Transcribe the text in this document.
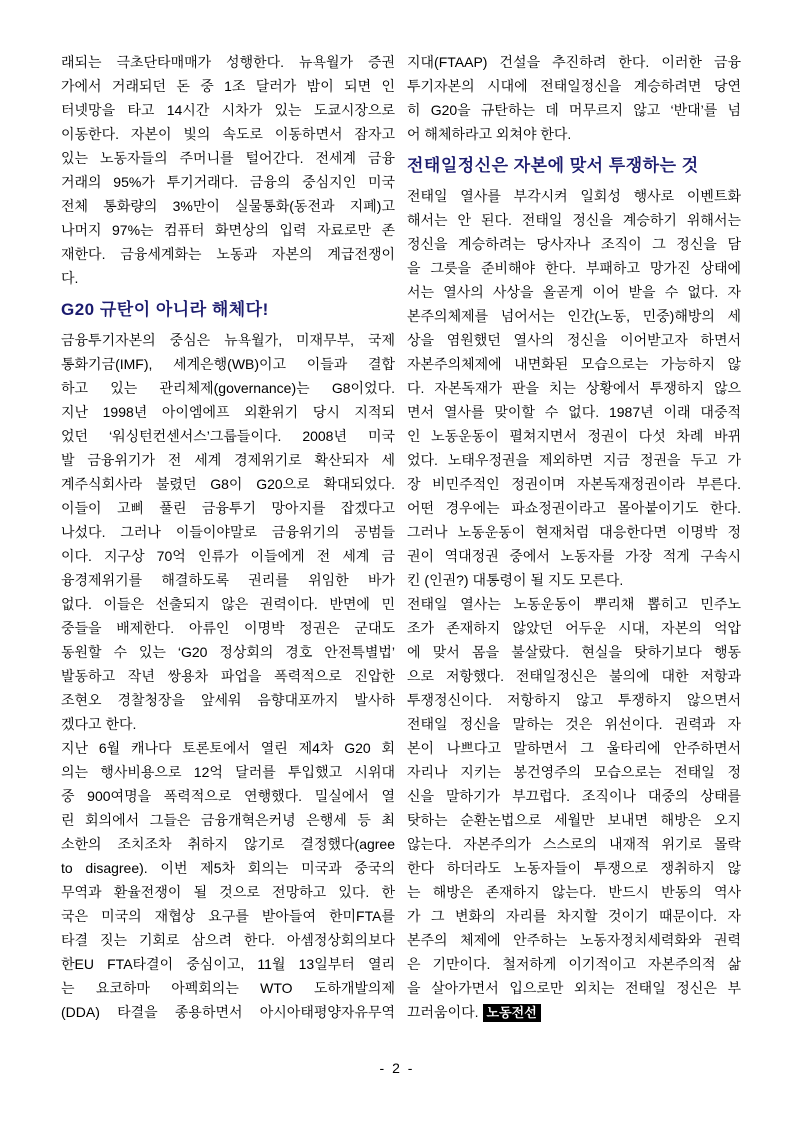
래되는 극초단타매매가 성행한다. 뉴욕월가 증권
가에서 거래되던 돈 중 1조 달러가 밤이 되면 인
터넷망을 타고 14시간 시차가 있는 도쿄시장으로
이동한다. 자본이 빛의 속도로 이동하면서 잠자고
있는 노동자들의 주머니를 털어간다. 전세계 금융
거래의 95%가 투기거래다. 금융의 중심지인 미국
전체 통화량의 3%만이 실물통화(동전과 지폐)고
나머지 97%는 컴퓨터 화면상의 입력 자료로만 존
재한다. 금융세계화는 노동과 자본의 계급전쟁이
다.
G20 규탄이 아니라 해체다!
금융투기자본의 중심은 뉴욕월가, 미재무부, 국제
통화기금(IMF), 세계은행(WB)이고 이들과 결합
하고 있는 관리체제(governance)는 G8이었다.
지난 1998년 아이엠에프 외환위기 당시 지적되
었던 ‘워싱턴컨센서스’그룹들이다. 2008년 미국
발 금융위기가 전 세계 경제위기로 확산되자 세
계주식회사라 불렸던 G8이 G20으로 확대되었다.
이들이 고삐 풀린 금융투기 망아지를 잡겠다고
나섰다. 그러나 이들이야말로 금융위기의 공범들
이다. 지구상 70억 인류가 이들에게 전 세계 금
융경제위기를 해결하도록 권리를 위임한 바가
없다. 이들은 선출되지 않은 권력이다. 반면에 민
중들을 배제한다. 아류인 이명박 정권은 군대도
동원할 수 있는 ‘G20 정상회의 경호 안전특별법’
발동하고 작년 쌍용차 파업을 폭력적으로 진압한
조현오 경찰청장을 앞세워 음향대포까지 발사하
겠다고 한다.
지난 6월 캐나다 토론토에서 열린 제4차 G20 회
의는 행사비용으로 12억 달러를 투입했고 시위대
중 900여명을 폭력적으로 연행했다. 밀실에서 열
린 회의에서 그들은 금융개혁은커녕 은행세 등 최
소한의 조치조차 취하지 않기로 결정했다(agree
to disagree). 이번 제5차 회의는 미국과 중국의
무역과 환율전쟁이 될 것으로 전망하고 있다. 한
국은 미국의 재협상 요구를 받아들여 한미FTA를
타결 짓는 기회로 삼으려 한다. 아셈정상회의보다
한EU FTA타결이 중심이고, 11월 13일부터 열리
는 요코하마 아펙회의는 WTO 도하개발의제
(DDA) 타결을 종용하면서 아시아태평양자유무역
지대(FTAAP) 건설을 추진하려 한다. 이러한 금융
투기자본의 시대에 전태일정신을 계승하려면 당연
히 G20을 규탄하는 데 머무르지 않고 ‘반대’를 넘
어 해체하라고 외쳐야 한다.
전태일정신은 자본에 맞서 투쟁하는 것
전태일 열사를 부각시켜 일회성 행사로 이벤트화
해서는 안 된다. 전태일 정신을 계승하기 위해서는
정신을 계승하려는 당사자나 조직이 그 정신을 담
을 그릇을 준비해야 한다. 부패하고 망가진 상태에
서는 열사의 사상을 올곧게 이어 받을 수 없다. 자
본주의체제를 넘어서는 인간(노동, 민중)해방의 세
상을 염원했던 열사의 정신을 이어받고자 하면서
자본주의체제에 내면화된 모습으로는 가능하지 않
다. 자본독재가 판을 치는 상황에서 투쟁하지 않으
면서 열사를 맞이할 수 없다. 1987년 이래 대중적
인 노동운동이 펼쳐지면서 정권이 다섯 차례 바뀌
었다. 노태우정권을 제외하면 지금 정권을 두고 가
장 비민주적인 정권이며 자본독재정권이라 부른다.
어떤 경우에는 파쇼정권이라고 몰아붙이기도 한다.
그러나 노동운동이 현재처럼 대응한다면 이명박 정
권이 역대정권 중에서 노동자를 가장 적게 구속시
킨 (인권?) 대통령이 될 지도 모른다.
전태일 열사는 노동운동이 뿌리채 뽑히고 민주노
조가 존재하지 않았던 어두운 시대, 자본의 억압
에 맞서 몸을 불살랐다. 현실을 탓하기보다 행동
으로 저항했다. 전태일정신은 불의에 대한 저항과
투쟁정신이다. 저항하지 않고 투쟁하지 않으면서
전태일 정신을 말하는 것은 위선이다. 권력과 자
본이 나쁘다고 말하면서 그 울타리에 안주하면서
자리나 지키는 봉건영주의 모습으로는 전태일 정
신을 말하기가 부끄럽다. 조직이나 대중의 상태를
탓하는 순환논법으로 세월만 보내면 해방은 오지
않는다. 자본주의가 스스로의 내재적 위기로 몰락
한다 하더라도 노동자들이 투쟁으로 쟁취하지 않
는 해방은 존재하지 않는다. 반드시 반동의 역사
가 그 변화의 자리를 차지할 것이기 때문이다. 자
본주의 체제에 안주하는 노동자정치세력화와 권력
은 기만이다. 철저하게 이기적이고 자본주의적 삶
을 살아가면서 입으로만 외치는 전태일 정신은 부
끄러움이다. 노동전선
- 2 -
